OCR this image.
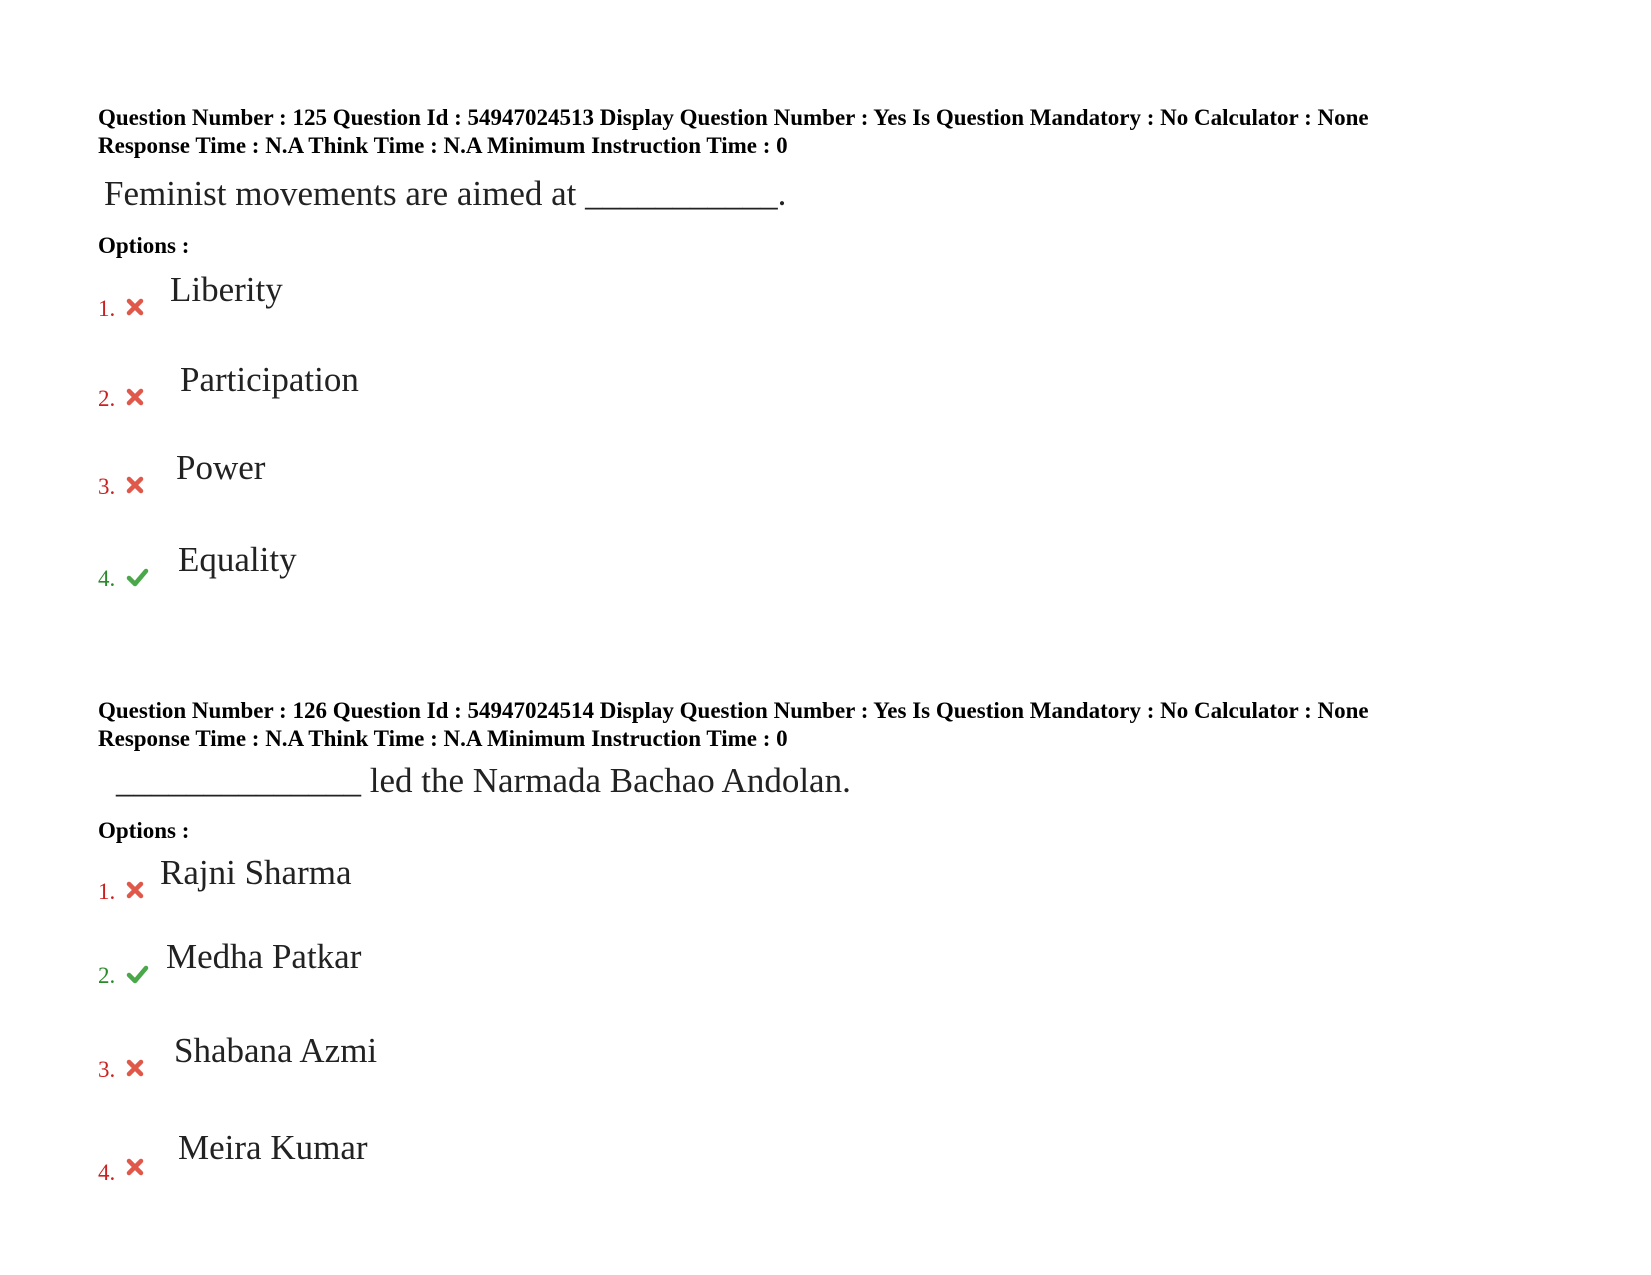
Question Number : 125 Question Id : 54947024513 Display Question Number : Yes Is Question Mandatory : No Calculator : None
Response Time : N.A Think Time : N.A Minimum Instruction Time : 0
Feminist movements are aimed at ___________.
Options :
1. Liberity
2. Participation
3. Power
4. Equality
Question Number : 126 Question Id : 54947024514 Display Question Number : Yes Is Question Mandatory : No Calculator : None
Response Time : N.A Think Time : N.A Minimum Instruction Time : 0
______________ led the Narmada Bachao Andolan.
Options :
1. Rajni Sharma
2. Medha Patkar
3. Shabana Azmi
4.
Meira Kumar
